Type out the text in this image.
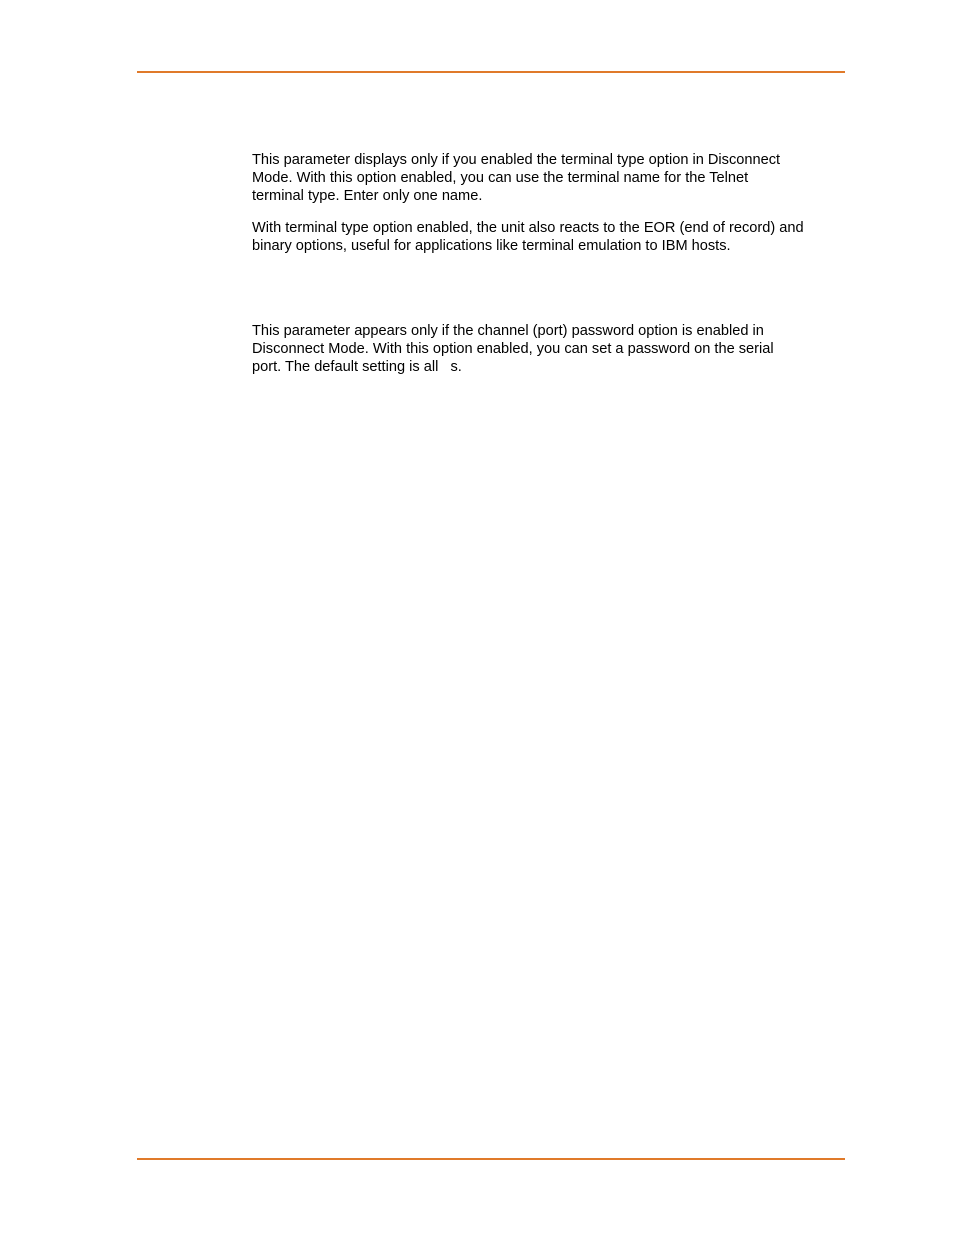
This parameter displays only if you enabled the terminal type option in Disconnect
Mode. With this option enabled, you can use the terminal name for the Telnet
terminal type. Enter only one name.
With terminal type option enabled, the unit also reacts to the EOR (end of record) and
binary options, useful for applications like terminal emulation to IBM hosts.
This parameter appears only if the channel (port) password option is enabled in
Disconnect Mode. With this option enabled, you can set a password on the serial
port. The default setting is all   s.
